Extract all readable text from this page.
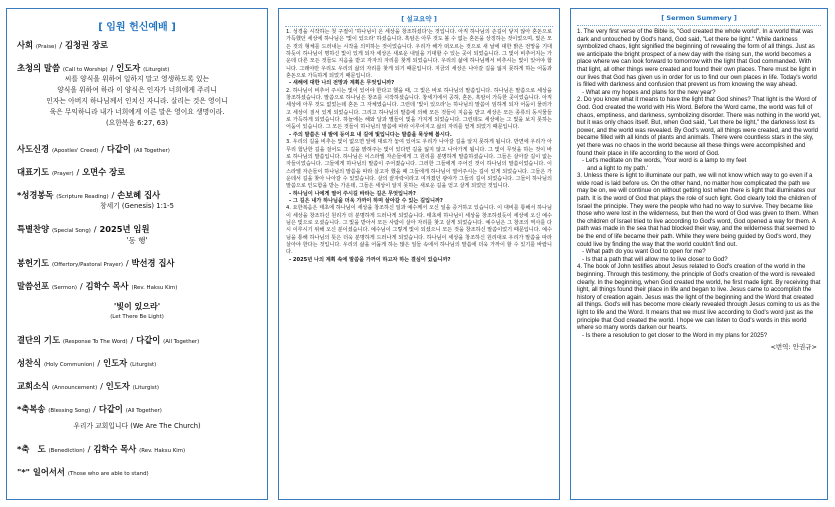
[ 임원 헌신예배 ]
사회 (Praise) / 김청권 장로
초청의 말씀 (Call to Worship) / 인도자 (Liturgist)
씨를 양식을 위하여 일하지 말고 영생하도록 있는
양식을 위하여 하라 이 양식은 인자가 너희에게 주리니
인자는 아버지 하나님께서 인치신 자니라. 살리는 것은 영이니
육은 무익하니라 내가 너희에게 이른 말은 영이요 생명이라.
(요한복음 6:27, 63)
사도신경 (Apostles' Creed) / 다같이 (All Together)
대표기도 (Prayer) / 오면수 장로
*성경봉독 (Scripture Reading) / 손보혜 집사
창세기 (Genesis) 1:1-5
특별찬양 (Special Song) / 2025년 임원
'동 행'
봉헌기도 (Offertory/Pastoral Prayer) / 박선경 집사
말씀선포 (Sermon) / 김학수 목사 (Rev. Haksu Kim)
'빛이 있으라'
(Let There Be Light)
결단의 기도 (Response To The Word) / 다같이 (All Together)
성찬식 (Holy Communion) / 인도자 (Liturgist)
교회소식 (Announcement) / 인도자 (Liturgist)
*축복송 (Blessing Song) / 다같이 (All Together)
우리가 교회입니다 (We Are The Church)
*축　도 (Benediction) / 김학수 목사 (Rev. Haksu Kim)
"*" 일어서서 (Those who are able to stand)
[ 설교요약 ]

1. 성경을 시작하는 첫 구절이 '하나님이 온 세상을 창조하셨다'는 것입니다. 아직 하나님의 손길이 닿지 않아 혼돈으로 가득했던 세상에 하나님은 '빛이 있으라' 하셨습니다. 흑암은 아무 것도 볼 수 없는 혼돈을 상징하는 것이었으며, 빛은 모든 것의 형체를 드러내는 시작을 의미하는 것이었습니다. 우리가 해가 떠오르는 것으로 새 날에 대한 밝은 전망을 기대하듯이 하나님이 명하신 빛이 있게 되자 세상은 새로운 내일을 기대할 수 있는 곳이 되었습니다. 그 빛이 비추어지는 가운데 다른 모든 것들도 지음을 받고 각자의 자리를 찾게 되었습니다. 우리의 삶에 하나님께서 비추시는 빛이 있어야 합니다. 그래야만 우리도 우리의 삶의 자리를 찾게 되기 때문입니다. 지금의 세상은 나아갈 길을 잃지 못하게 하는 어둠과 혼돈으로 가득하게 되었기 때문입니다.

- 새해에 대한 나의 전망과 계획은 무엇입니까?

2. 하나님이 비추어 주시는 빛이 있어야 한다고 했을 때, 그 빛은 바로 하나님의 말씀입니다. 하나님은 말씀으로 세상을 창조하셨습니다. 말씀으로 하나님은 창조를 시작하셨습니다. 창세기에서 공허, 혼돈, 흑암이 가득한 곳이었습니다. 아직 세상에 아무 것도 없었는데 혼돈 그 자체였습니다. 그런데 '빛이 있으라'는 하나님의 말씀이 임하게 되자 어둠이 물러가고 세상이 질서 있게 되었습니다. 그리고 하나님의 말씀에 의해 모든 것들이 지음을 받고 세상은 모든 종류의 동식물들로 가득하게 되었습니다. 하늘에는 해와 달과 별들이 빛을 가지게 되었습니다. 그런데도 세상에는 그 빛을 보지 못하는 어둠이 있습니다. 그 모든 것들이 하나님의 말씀에 따라 이루어지고 삶의 자리를 얻게 되었기 때문입니다.

- 주의 말씀은 내 발에 등이요 내 길에 빛입니다는 말씀을 묵상해 봅시다.

3. 우리의 길을 비추는 빛이 없으면 앞에 대로가 놓여 있어도 우리가 나아갈 길을 알지 못하게 됩니다. 반면에 우리가 아무리 험난한 길을 걸어도 그 길을 밝혀주는 빛이 있다면 길을 잃지 않고 나아가게 됩니다. 그 빛이 무엇을 하는 것이 바로 하나님의 말씀입니다. 하나님은 이스라엘 자손들에게 그 원리를 분명하게 말씀하셨습니다. 그들은 살아갈 길이 없는 자들이었습니다. 그들에게 하나님의 말씀이 주어졌습니다. 그러한 그들에게 주어진 것이 하나님의 말씀이었습니다. 이스라엘 자손들이 하나님의 말씀을 따라 살고자 했을 때 그들에게 하나님이 열어주시는 길이 있게 되었습니다. 그들은 가운데서 길을 찾아 나아갈 수 있었습니다. 살의 끝자락이라고 여겨졌던 광야가 그들의 길이 되었습니다. 그들이 하나님의 말씀으로 인도함을 받는 가운데, 그들은 세상이 알지 못하는 새로운 길을 얻고 살게 되었던 것입니다.

- 하나님이 나에게 열어 주시길 바라는 길은 무엇입니까?

- 그 길은 내가 하나님을 더욱 가까이 하며 살아갈 수 있는 길입니까?

4. 요한복음은 태초에 하나님이 세상을 창조하신 일과 예수께서 오신 일을 증거하고 있습니다. 이 대비를 통해서 하나님이 세상을 창조하신 원리가 더 분명하게 드러나게 되었습니다. 태초에 하나님이 세상을 창조하셨듯이 세상에 오신 예수님은 빛으로 오셨습니다. 그 빛을 받아서 모든 사람이 살아 자리를 찾고 살게 되었습니다. 예수님은 그 창조의 역사를 다시 이루시기 위해 오신 분이셨습니다. 예수님이 그렇게 빛이 되셨으니 모든 것을 창조하신 말씀이었기 때문입니다. 예수님을 통해 하나님의 뜻은 더욱 분명하게 드러나게 되었습니다. 하나님이 세상을 창조하신 원리대로 우리가 말씀을 따라 살아야 한다는 것입니다. 우리의 삶을 어둡게 하는 많은 일들 속에서 하나님의 말씀에 더욱 가까이 할 수 있기를 바랍니다.

- 2025년 나의 계획 속에 말씀을 가까이 하고자 하는 결심이 있습니까?

[ Sermon Summery ]

1. The very first verse of the Bible is, "God created the whole world". In a world that was dark and untouched by God's hand, God said, "Let there be light." While darkness symbolized chaos, light signified the beginning of revealing the form of all things. Just as we anticipate the bright prospect of a new day with the rising sun, the world becomes a place where we can look forward to tomorrow with the light that God commanded. With that light, all other things were created and found their own places. There must be light in our lives that God has given us in order for us to find our own places in life. Today's world is filled with darkness and confusion that prevent us from knowing the way ahead.

- What are my hopes and plans for the new year?

2. Do you know what it means to have the light that God shines? That light is the Word of God. God created the world with His Word. Before the Word came, the world was full of chaos, emptiness, and darkness, symbolizing disorder. There was nothing in the world yet, but it was only chaos itself. But, when God said, "Let there be light," the darkness lost its power, and the world was revealed. By God's word, all things were created, and the world became filled with all kinds of plants and animals. There were countless stars in the sky, yet there was no chaos in the world because all these things were accomplished and found their place in life according to the word of God.

- Let's meditate on the words, 'Your word is a lamp to my feet

and a light to my path.'

3. Unless there is light to illuminate our path, we will not know which way to go even if a wide road is laid before us. On the other hand, no matter how complicated the path we may be on, we will continue on without getting lost when there is light that illuminates our path. It is the word of God that plays the role of such light. God clearly told the children of Israel the principle. They were the people who had no way to survive. They became like those who were lost in the wilderness, but then the word of God was given to them. When the children of Israel tried to live according to God's word, God opened a way for them. A path was made in the sea that had blocked their way, and the wilderness that seemed to be the end of life became their path. While they were being guided by God's word, they could live by finding the way that the world couldn't find out.

- What path do you want God to open for me?

- Is that a path that will allow me to live closer to God?

4. The book of John testifies about Jesus related to God's creation of the world in the beginning. Through this testimony, the principle of God's creation of the word is revealed clearly. In the beginning, when God created the world, he first made light. By receiving that light, all things found their place in life and began to live. Jesus came to accomplish the history of creation again. Jesus was the light of the beginning and the Word that created all things. God's will has become more clearly revealed through Jesus coming to us as the light to life and the Word. It means that we must live according to God's word just as the principle that God created the world. I hope we can listen to God's words in this world where so many words darken our hearts.

- Is there a resolution to get closer to the Word in my plans for 2025?

<번역: 안권규>
